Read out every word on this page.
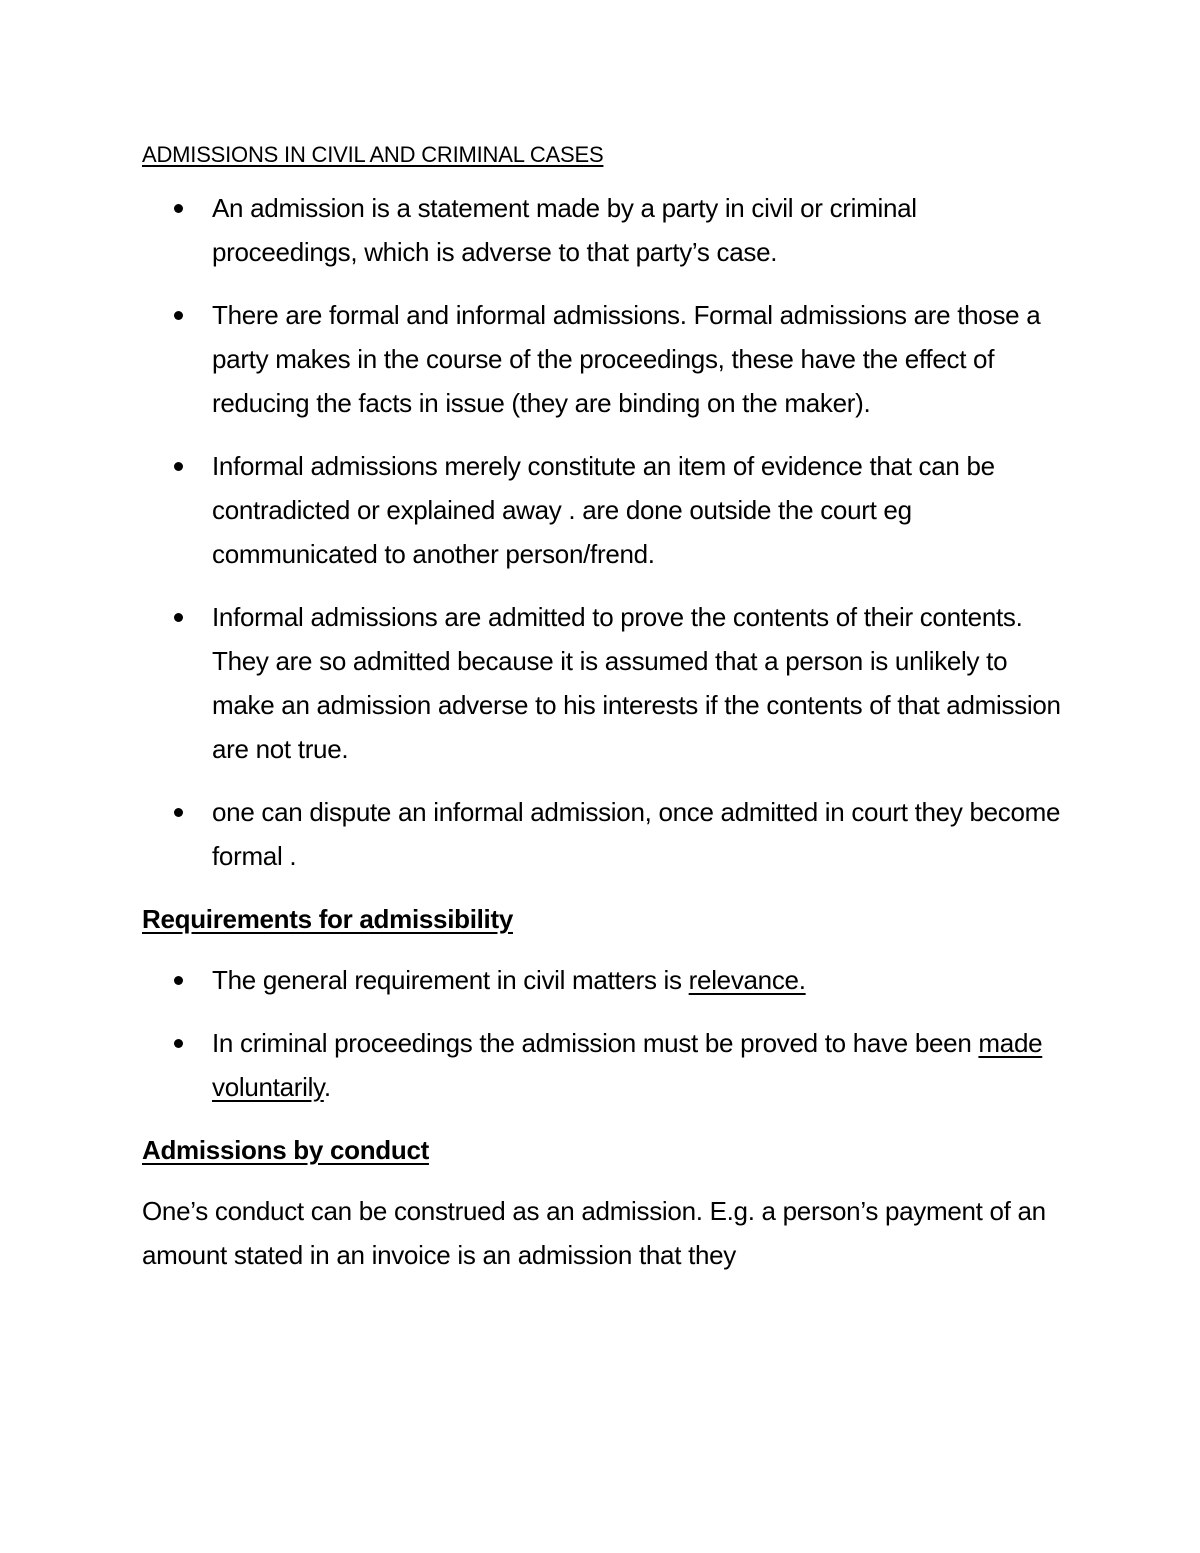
ADMISSIONS IN CIVIL AND CRIMINAL CASES
An admission is a statement made by a party in civil or criminal proceedings, which is adverse to that party’s case.
There are formal and informal admissions. Formal admissions are those a party makes in the course of the proceedings, these have the effect of reducing the facts in issue (they are binding on the maker).
Informal admissions merely constitute an item of evidence that can be contradicted or explained away . are done outside the court eg communicated to another person/frend.
Informal admissions are admitted to prove the contents of their contents. They are so admitted because it is assumed that a person is unlikely to make an admission adverse to his interests if the contents of that admission are not true.
one can dispute an informal admission, once admitted in court they become formal .
Requirements for admissibility
The general requirement in civil matters is relevance.
In criminal proceedings the admission must be proved to have been made voluntarily.
Admissions by conduct

One’s conduct can be construed as an admission. E.g. a person’s payment of an amount stated in an invoice is an admission that they
